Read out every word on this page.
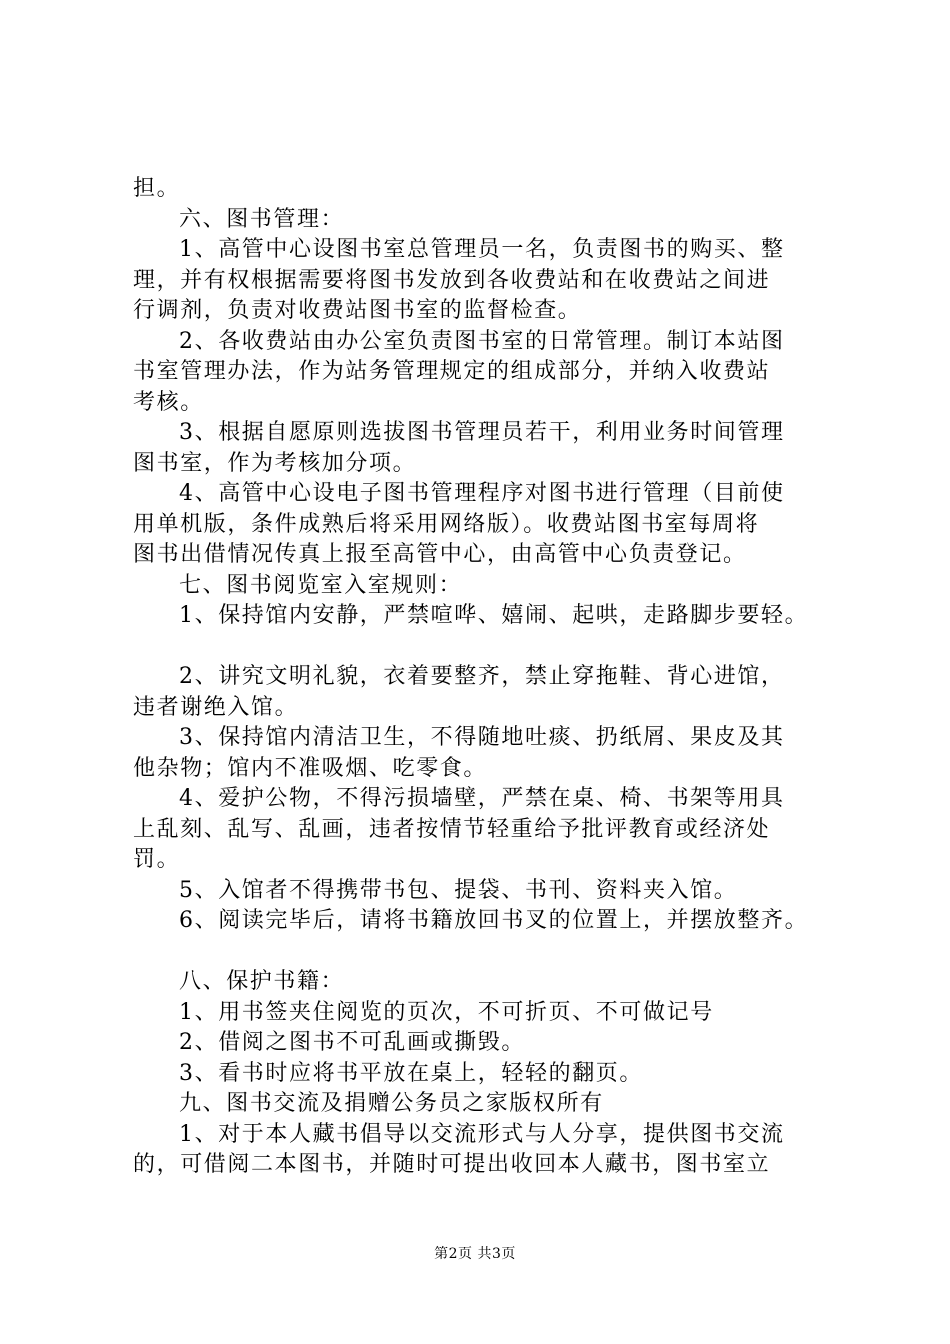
担。
六、图书管理：
1、高管中心设图书室总管理员一名，负责图书的购买、整
理，并有权根据需要将图书发放到各收费站和在收费站之间进
行调剂，负责对收费站图书室的监督检查。
2、各收费站由办公室负责图书室的日常管理。制订本站图
书室管理办法，作为站务管理规定的组成部分，并纳入收费站
考核。
3、根据自愿原则选拔图书管理员若干，利用业务时间管理
图书室，作为考核加分项。
4、高管中心设电子图书管理程序对图书进行管理（目前使
用单机版，条件成熟后将采用网络版）。收费站图书室每周将
图书出借情况传真上报至高管中心，由高管中心负责登记。
七、图书阅览室入室规则：
1、保持馆内安静，严禁喧哗、嬉闹、起哄，走路脚步要轻。
2、讲究文明礼貌，衣着要整齐，禁止穿拖鞋、背心进馆，
违者谢绝入馆。
3、保持馆内清洁卫生，不得随地吐痰、扔纸屑、果皮及其
他杂物；馆内不准吸烟、吃零食。
4、爱护公物，不得污损墙壁，严禁在桌、椅、书架等用具
上乱刻、乱写、乱画，违者按情节轻重给予批评教育或经济处
罚。
5、入馆者不得携带书包、提袋、书刊、资料夹入馆。
6、阅读完毕后，请将书籍放回书叉的位置上，并摆放整齐。
八、保护书籍：
1、用书签夹住阅览的页次，不可折页、不可做记号
2、借阅之图书不可乱画或撕毁。
3、看书时应将书平放在桌上，轻轻的翻页。
九、图书交流及捐赠公务员之家版权所有
1、对于本人藏书倡导以交流形式与人分享，提供图书交流
的，可借阅二本图书，并随时可提出收回本人藏书，图书室立
第2页 共3页
